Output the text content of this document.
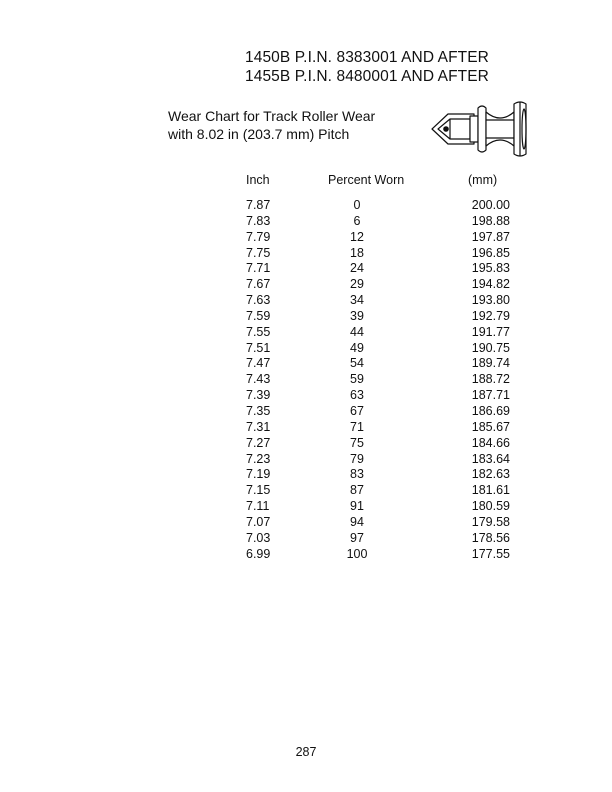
1450B P.I.N. 8383001 AND AFTER
1455B P.I.N. 8480001 AND AFTER
Wear Chart for Track Roller Wear
with 8.02 in (203.7 mm) Pitch
Inch	Percent Worn	(mm)
7.87	0	200.00
7.83	6	198.88
7.79	12	197.87
7.75	18	196.85
7.71	24	195.83
7.67	29	194.82
7.63	34	193.80
7.59	39	192.79
7.55	44	191.77
7.51	49	190.75
7.47	54	189.74
7.43	59	188.72
7.39	63	187.71
7.35	67	186.69
7.31	71	185.67
7.27	75	184.66
7.23	79	183.64
7.19	83	182.63
7.15	87	181.61
7.11	91	180.59
7.07	94	179.58
7.03	97	178.56
6.99	100	177.55
287
